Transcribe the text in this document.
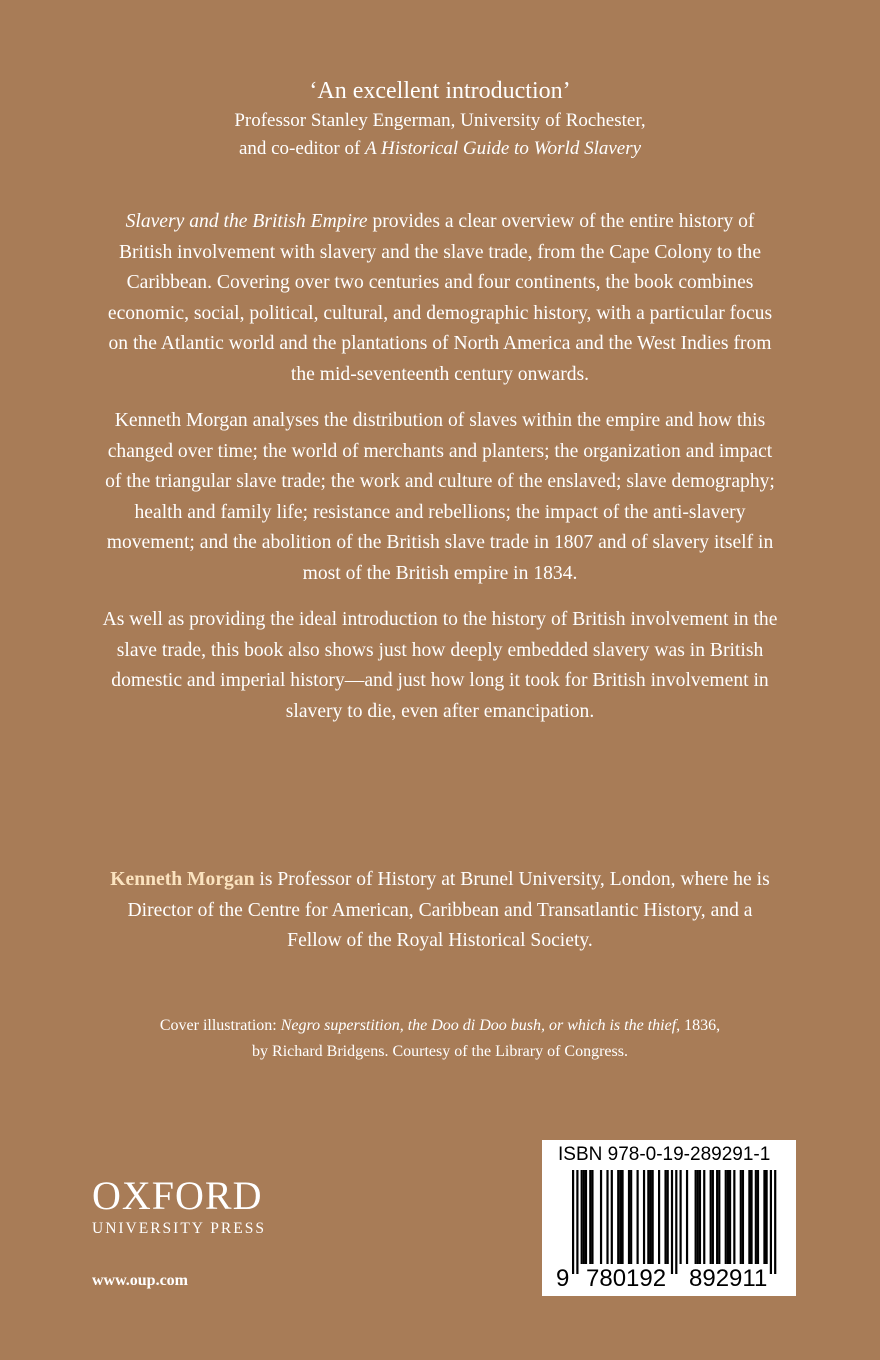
‘An excellent introduction’
Professor Stanley Engerman, University of Rochester,
and co-editor of A Historical Guide to World Slavery

Slavery and the British Empire provides a clear overview of the entire history of British involvement with slavery and the slave trade, from the Cape Colony to the Caribbean. Covering over two centuries and four continents, the book combines economic, social, political, cultural, and demographic history, with a particular focus on the Atlantic world and the plantations of North America and the West Indies from the mid-seventeenth century onwards.

Kenneth Morgan analyses the distribution of slaves within the empire and how this changed over time; the world of merchants and planters; the organization and impact of the triangular slave trade; the work and culture of the enslaved; slave demography; health and family life; resistance and rebellions; the impact of the anti-slavery movement; and the abolition of the British slave trade in 1807 and of slavery itself in most of the British empire in 1834.

As well as providing the ideal introduction to the history of British involvement in the slave trade, this book also shows just how deeply embedded slavery was in British domestic and imperial history—and just how long it took for British involvement in slavery to die, even after emancipation.

Kenneth Morgan is Professor of History at Brunel University, London, where he is Director of the Centre for American, Caribbean and Transatlantic History, and a Fellow of the Royal Historical Society.
Cover illustration: Negro superstition, the Doo di Doo bush, or which is the thief, 1836,
by Richard Bridgens. Courtesy of the Library of Congress.
OXFORD
UNIVERSITY PRESS
www.oup.com
ISBN 978-0-19-289291-1
9 780192 892911
